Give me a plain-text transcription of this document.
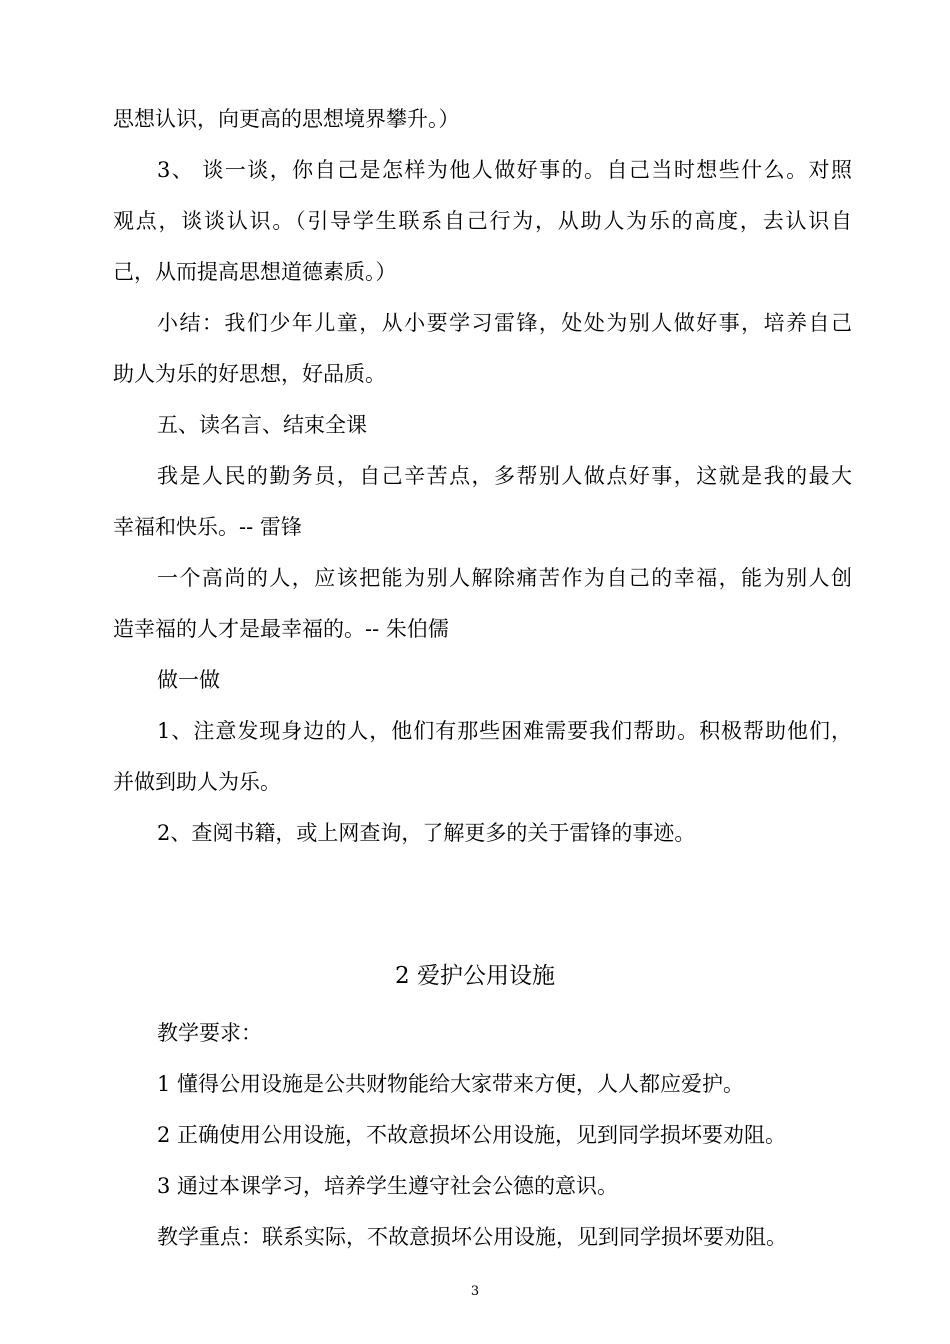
思想认识，向更高的思想境界攀升。）

3、 谈一谈，你自己是怎样为他人做好事的。自己当时想些什么。对照

观点，谈谈认识。（引导学生联系自己行为，从助人为乐的高度，去认识自

己，从而提高思想道德素质。）

小结：我们少年儿童，从小要学习雷锋，处处为别人做好事，培养自己

助人为乐的好思想，好品质。

五、读名言、结束全课

我是人民的勤务员，自己辛苦点，多帮别人做点好事，这就是我的最大

幸福和快乐。-- 雷锋

一个高尚的人，应该把能为别人解除痛苦作为自己的幸福，能为别人创

造幸福的人才是最幸福的。-- 朱伯儒

做一做

1、注意发现身边的人，他们有那些困难需要我们帮助。积极帮助他们，

并做到助人为乐。

2、查阅书籍，或上网查询，了解更多的关于雷锋的事迹。

2 爱护公用设施

教学要求：

1 懂得公用设施是公共财物能给大家带来方便，人人都应爱护。

2 正确使用公用设施，不故意损坏公用设施，见到同学损坏要劝阻。

3 通过本课学习，培养学生遵守社会公德的意识。

教学重点：联系实际，不故意损坏公用设施，见到同学损坏要劝阻。

3
